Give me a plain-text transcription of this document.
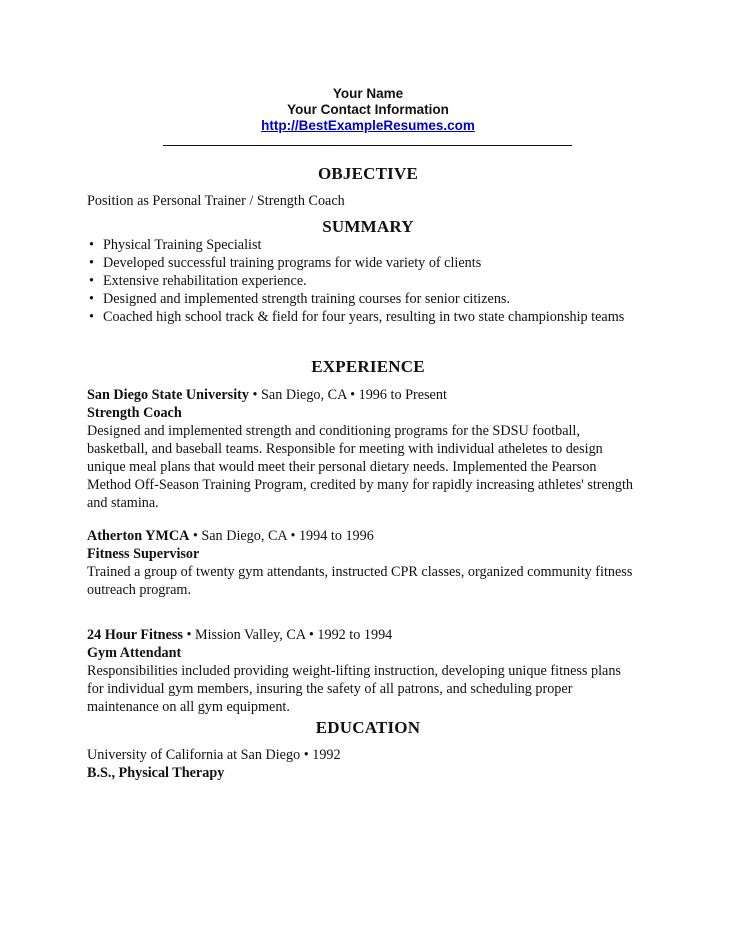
Your Name
Your Contact Information
http://BestExampleResumes.com
OBJECTIVE
Position as Personal Trainer / Strength Coach
SUMMARY
• Physical Training Specialist
• Developed successful training programs for wide variety of clients
• Extensive rehabilitation experience.
• Designed and implemented strength training courses for senior citizens.
• Coached high school track & field for four years, resulting in two state championship teams
EXPERIENCE
San Diego State University • San Diego, CA • 1996 to Present
Strength Coach
Designed and implemented strength and conditioning programs for the SDSU football,
basketball, and baseball teams. Responsible for meeting with individual atheletes to design
unique meal plans that would meet their personal dietary needs. Implemented the Pearson
Method Off-Season Training Program, credited by many for rapidly increasing athletes' strength
and stamina.
Atherton YMCA • San Diego, CA • 1994 to 1996
Fitness Supervisor
Trained a group of twenty gym attendants, instructed CPR classes, organized community fitness
outreach program.
24 Hour Fitness • Mission Valley, CA • 1992 to 1994
Gym Attendant
Responsibilities included providing weight-lifting instruction, developing unique fitness plans
for individual gym members, insuring the safety of all patrons, and scheduling proper
maintenance on all gym equipment.
EDUCATION
University of California at San Diego • 1992
B.S., Physical Therapy
